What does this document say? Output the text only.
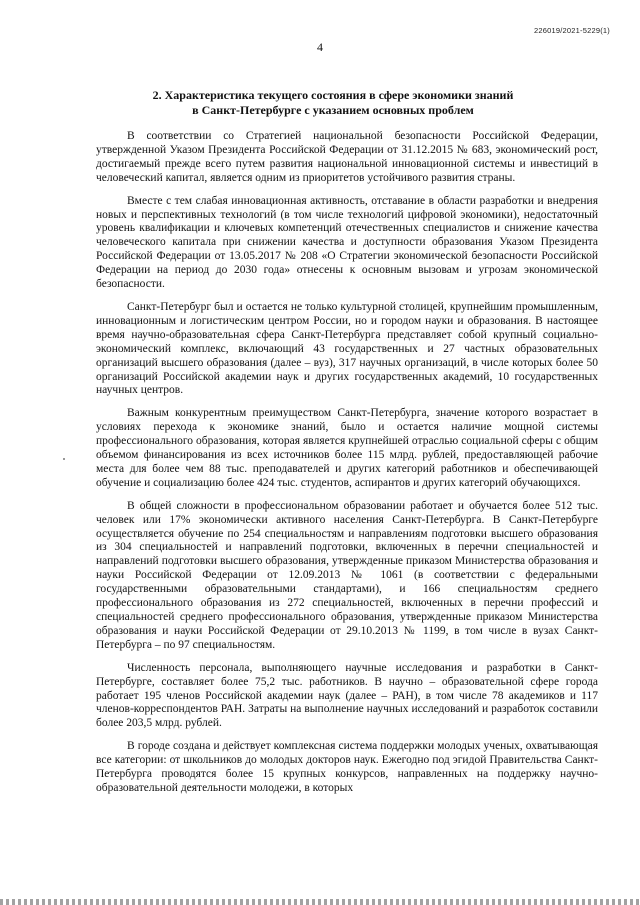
226019/2021-5229(1)
4
2. Характеристика текущего состояния в сфере экономики знаний
в Санкт-Петербурге с указанием основных проблем

В соответствии со Стратегией национальной безопасности Российской Федерации, утвержденной Указом Президента Российской Федерации от 31.12.2015 № 683, экономический рост, достигаемый прежде всего путем развития национальной инновационной системы и инвестиций в человеческий капитал, является одним из приоритетов устойчивого развития страны.

Вместе с тем слабая инновационная активность, отставание в области разработки и внедрения новых и перспективных технологий (в том числе технологий цифровой экономики), недостаточный уровень квалификации и ключевых компетенций отечественных специалистов и снижение качества человеческого капитала при снижении качества и доступности образования Указом Президента Российской Федерации от 13.05.2017 № 208 «О Стратегии экономической безопасности Российской Федерации на период до 2030 года» отнесены к основным вызовам и угрозам экономической безопасности.

Санкт-Петербург был и остается не только культурной столицей, крупнейшим промышленным, инновационным и логистическим центром России, но и городом науки и образования. В настоящее время научно-образовательная сфера Санкт-Петербурга представляет собой крупный социально-экономический комплекс, включающий 43 государственных и 27 частных образовательных организаций высшего образования (далее – вуз), 317 научных организаций, в числе которых более 50 организаций Российской академии наук и других государственных академий, 10 государственных научных центров.

Важным конкурентным преимуществом Санкт-Петербурга, значение которого возрастает в условиях перехода к экономике знаний, было и остается наличие мощной системы профессионального образования, которая является крупнейшей отраслью социальной сферы с общим объемом финансирования из всех источников более 115 млрд. рублей, предоставляющей рабочие места для более чем 88 тыс. преподавателей и других категорий работников и обеспечивающей обучение и социализацию более 424 тыс. студентов, аспирантов и других категорий обучающихся.

В общей сложности в профессиональном образовании работает и обучается более 512 тыс. человек или 17% экономически активного населения Санкт-Петербурга. В Санкт-Петербурге осуществляется обучение по 254 специальностям и направлениям подготовки высшего образования из 304 специальностей и направлений подготовки, включенных в перечни специальностей и направлений подготовки высшего образования, утвержденные приказом Министерства образования и науки Российской Федерации от 12.09.2013 № 1061 (в соответствии с федеральными государственными образовательными стандартами), и 166 специальностям среднего профессионального образования из 272 специальностей, включенных в перечни профессий и специальностей среднего профессионального образования, утвержденные приказом Министерства образования и науки Российской Федерации от 29.10.2013 № 1199, в том числе в вузах Санкт-Петербурга – по 97 специальностям.

Численность персонала, выполняющего научные исследования и разработки в Санкт-Петербурге, составляет более 75,2 тыс. работников. В научно – образовательной сфере города работает 195 членов Российской академии наук (далее – РАН), в том числе 78 академиков и 117 членов-корреспондентов РАН. Затраты на выполнение научных исследований и разработок составили более 203,5 млрд. рублей.

В городе создана и действует комплексная система поддержки молодых ученых, охватывающая все категории: от школьников до молодых докторов наук. Ежегодно под эгидой Правительства Санкт-Петербурга проводятся более 15 крупных конкурсов, направленных на поддержку научно-образовательной деятельности молодежи, в которых
